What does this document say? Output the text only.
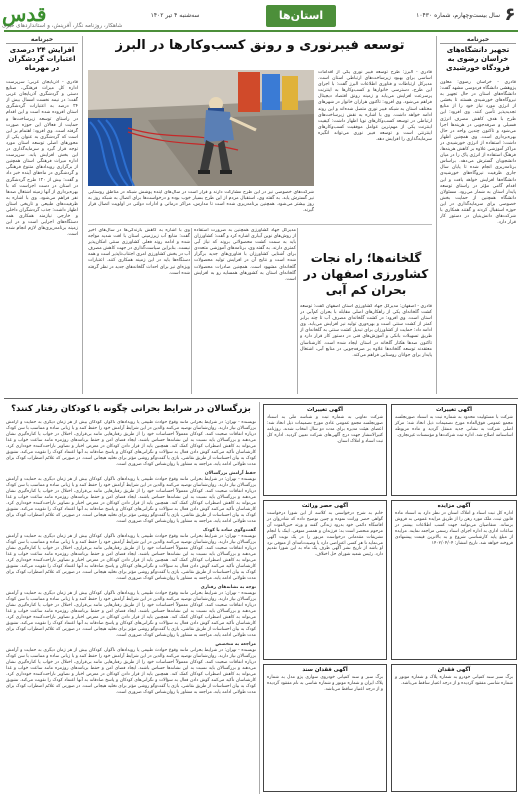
قدس
شاهکار، روزنامه نگار، آفرینش، و استانداردهای خبری
سه‌شنبه ۴ تیر ۱۴۰۲	استان‌ها	سال بیست‌وچهارم، شماره ۱۰۴۳۰ ۶
خبرنامه
افزایش ۲۴ درصدی اعتبارات گردشگران در مهرماه
قادری - آذربایجان غربی: سرپرست اداره کل میراث فرهنگی، صنایع دستی و گردشگری آذربایجان غربی گفت: در نیمه نخست امسال بیش از ۲۴ درصد به اعتبارات گردشگری استان افزوده شده است و این اقدام در راستای توسعه زیرساخت‌ها و حمایت از فعالان این حوزه صورت گرفته است. وی افزود: اهتمام بر این است که گردشگری به عنوان یکی از محورهای اصلی توسعه استان مورد توجه قرار گیرد و سرمایه‌گذاری در این بخش افزایش یابد. سرپرست اداره میراث فرهنگی استان همچنین از برگزاری رویدادهای متنوع فرهنگی و گردشگری در ماه‌های آینده خبر داد و گفت: بیش از ۱۲۰ طرح گردشگری در استان در دست اجراست که با بهره‌برداری از آنها زمینه اشتغال صدها نفر فراهم می‌شود. وی با اشاره به ظرفیت‌های طبیعی و تاریخی استان اظهار داشت: جذب گردشگران داخلی و خارجی نیازمند همکاری همه دستگاه‌های اجرایی است و در این زمینه برنامه‌ریزی‌های لازم انجام شده است.
خبرنامه
تجهیز دانشگاه‌های خراسان رضوی به فرودگاه خورشیدی
قادری - خراسان رضوی: معاون پژوهشی دانشگاه فردوسی مشهد گفت: دانشگاه‌های استان در حال تجهیز به نیروگاه‌های خورشیدی هستند تا بخشی از انرژی مورد نیاز خود را از منابع تجدیدپذیر تأمین کنند. وی افزود: این طرح با هدف کاهش مصرف انرژی فسیلی و صرفه‌جویی در هزینه‌ها اجرا می‌شود و تاکنون چندین واحد در حال بهره‌برداری است. وی همچنین اظهار داشت: استفاده از انرژی خورشیدی در مراکز آموزشی علاوه بر کاهش هزینه‌ها، فرهنگ استفاده از انرژی پاک را در میان دانشجویان گسترش می‌دهد. براساس برنامه‌ریزی انجام شده تا پایان سال جاری ظرفیت نیروگاه‌های خورشیدی دانشگاه‌ها افزایش خواهد یافت و این اقدام گامی مؤثر در راستای توسعه پایدار استان به شمار می‌رود. مسئولان دانشگاه همچنین از حمایت بخش خصوصی برای سرمایه‌گذاری در این حوزه استقبال کردند و گفتند همکاری با شرکت‌های دانش‌بنیان در دستور کار قرار دارد.
توسعه فیبرنوری و رونق کسب‌وکارها در البرز
قادری - البرز: طرح توسعه فیبر نوری یکی از اقدامات اساسی برای بهبود زیرساخت‌های ارتباطی استان است. مدیرکل ارتباطات و فناوری اطلاعات البرز گفت: با اجرای این طرح، دسترسی خانوارها و کسب‌وکارها به اینترنت پرسرعت افزایش می‌یابد و زمینه رونق اقتصاد دیجیتال فراهم می‌شود. وی افزود: تاکنون هزاران خانوار در شهرهای مختلف استان به شبکه فیبر نوری متصل شده‌اند و این روند ادامه خواهد داشت. وی با اشاره به نقش زیرساخت‌های ارتباطی در توسعه کسب‌وکارهای نوپا اظهار داشت: کیفیت اینترنت یکی از مهم‌ترین عوامل موفقیت کسب‌وکارهای اینترنتی است و توسعه فیبر نوری می‌تواند انگیزه سرمایه‌گذاری را افزایش دهد.
شرکت‌های خصوصی نیز در این طرح مشارکت دارند و قرار است در سال‌های آینده پوشش شبکه در مناطق روستایی نیز گسترش یابد. به گفته وی، استقبال مردم از این طرح بسیار خوب بوده و درخواست‌ها برای اتصال به شبکه روز به روز بیشتر می‌شود. همچنین برنامه‌ریزی شده است تا مدارس، مراکز درمانی و ادارات دولتی در اولویت اتصال قرار گیرند.
گلخانه‌ها؛ راه نجات کشاورزی اصفهان در بحران کم آبی
قادری - اصفهان: مدیرکل جهاد کشاورزی استان اصفهان گفت: توسعه کشت گلخانه‌ای یکی از راهکارهای اصلی مقابله با بحران کم‌آبی در استان است. وی افزود: در کشت گلخانه‌ای مصرف آب تا چند برابر کمتر از کشت سنتی است و بهره‌وری تولید نیز افزایش می‌یابد. وی ادامه داد: حمایت از کشاورزان برای تبدیل کشت سنتی به گلخانه‌ای از طریق تسهیلات بانکی و آموزش‌های فنی در دستور کار قرار دارد و تاکنون صدها هکتار گلخانه در استان ایجاد شده است. کارشناسان معتقدند توسعه گلخانه‌ها علاوه بر صرفه‌جویی در منابع آبی، اشتغال پایدار برای جوانان روستایی فراهم می‌کند.
مدیرکل جهاد کشاورزی همچنین به ضرورت استفاده از روش‌های نوین آبیاری اشاره کرد و گفت: کشاورزان باید به سمت کشت محصولاتی بروند که نیاز آبی کمتری دارند. به گفته وی، برنامه‌های آموزشی متعددی برای آشنایی کشاورزان با فناوری‌های جدید برگزار شده است و نتایج آن در افزایش تولید محصولات گلخانه‌ای مشهود است. همچنین صادرات محصولات گلخانه‌ای استان به کشورهای همسایه رو به افزایش است.
وی با اشاره به کاهش بارندگی‌ها در سال‌های اخیر گفت: منابع آب زیرزمینی استان با افت شدید مواجه شده و ادامه روند فعلی کشاورزی سنتی امکان‌پذیر نیست. بنابراین سیاست‌گذاری در جهت کاهش مصرف آب در بخش کشاورزی امری اجتناب‌ناپذیر است و همه دستگاه‌ها باید در این زمینه همکاری کنند. اعتبارات ویژه‌ای نیز برای احداث گلخانه‌های جدید در نظر گرفته شده است.
بزرگسالان در شرایط بحرانی چگونه با کودکان رفتار کنند؟
نویسنده - تهران: در شرایط بحرانی مانند وقوع حوادث طبیعی یا رویدادهای ناگوار، کودکان بیش از هر زمان دیگری به حمایت و آرامش بزرگسالان نیاز دارند. روان‌شناسان توصیه می‌کنند والدین در این شرایط آرامش خود را حفظ کنند و با زبانی ساده و متناسب با سن کودک درباره اتفاقات صحبت کنند. کودکان معمولاً احساسات خود را از طریق رفتارهایی مانند بی‌قراری، اختلال در خواب یا کناره‌گیری نشان می‌دهند و بزرگسالان باید نسبت به این نشانه‌ها حساس باشند. ایجاد فضای امن و حفظ برنامه‌های روزمره مانند ساعت خواب و غذا می‌تواند به کاهش اضطراب کودکان کمک کند. همچنین باید از قرار دادن کودکان در معرض اخبار و تصاویر ناراحت‌کننده خودداری کرد. کارشناسان تأکید می‌کنند گوش دادن فعال به سؤالات و نگرانی‌های کودکان و پاسخ صادقانه به آنها اعتماد کودک را تقویت می‌کند. تشویق کودک به بیان احساسات از طریق نقاشی، بازی یا گفت‌وگو روشی مؤثر برای تخلیه هیجانی است. در صورتی که علائم اضطراب کودک برای مدت طولانی ادامه یابد، مراجعه به مشاور یا روان‌شناس کودک ضروری است.
حفظ آرامش بزرگسالان
نویسنده - تهران: در شرایط بحرانی مانند وقوع حوادث طبیعی یا رویدادهای ناگوار، کودکان بیش از هر زمان دیگری به حمایت و آرامش بزرگسالان نیاز دارند. روان‌شناسان توصیه می‌کنند والدین در این شرایط آرامش خود را حفظ کنند و با زبانی ساده و متناسب با سن کودک درباره اتفاقات صحبت کنند. کودکان معمولاً احساسات خود را از طریق رفتارهایی مانند بی‌قراری، اختلال در خواب یا کناره‌گیری نشان می‌دهند و بزرگسالان باید نسبت به این نشانه‌ها حساس باشند. ایجاد فضای امن و حفظ برنامه‌های روزمره مانند ساعت خواب و غذا می‌تواند به کاهش اضطراب کودکان کمک کند. همچنین باید از قرار دادن کودکان در معرض اخبار و تصاویر ناراحت‌کننده خودداری کرد. کارشناسان تأکید می‌کنند گوش دادن فعال به سؤالات و نگرانی‌های کودکان و پاسخ صادقانه به آنها اعتماد کودک را تقویت می‌کند. تشویق کودک به بیان احساسات از طریق نقاشی، بازی یا گفت‌وگو روشی مؤثر برای تخلیه هیجانی است. در صورتی که علائم اضطراب کودک برای مدت طولانی ادامه یابد، مراجعه به مشاور یا روان‌شناس کودک ضروری است.
گفت‌وگوی ساده با کودک
نویسنده - تهران: در شرایط بحرانی مانند وقوع حوادث طبیعی یا رویدادهای ناگوار، کودکان بیش از هر زمان دیگری به حمایت و آرامش بزرگسالان نیاز دارند. روان‌شناسان توصیه می‌کنند والدین در این شرایط آرامش خود را حفظ کنند و با زبانی ساده و متناسب با سن کودک درباره اتفاقات صحبت کنند. کودکان معمولاً احساسات خود را از طریق رفتارهایی مانند بی‌قراری، اختلال در خواب یا کناره‌گیری نشان می‌دهند و بزرگسالان باید نسبت به این نشانه‌ها حساس باشند. ایجاد فضای امن و حفظ برنامه‌های روزمره مانند ساعت خواب و غذا می‌تواند به کاهش اضطراب کودکان کمک کند. همچنین باید از قرار دادن کودکان در معرض اخبار و تصاویر ناراحت‌کننده خودداری کرد. کارشناسان تأکید می‌کنند گوش دادن فعال به سؤالات و نگرانی‌های کودکان و پاسخ صادقانه به آنها اعتماد کودک را تقویت می‌کند. تشویق کودک به بیان احساسات از طریق نقاشی، بازی یا گفت‌وگو روشی مؤثر برای تخلیه هیجانی است. در صورتی که علائم اضطراب کودک برای مدت طولانی ادامه یابد، مراجعه به مشاور یا روان‌شناس کودک ضروری است.
توجه به نشانه‌های رفتاری
نویسنده - تهران: در شرایط بحرانی مانند وقوع حوادث طبیعی یا رویدادهای ناگوار، کودکان بیش از هر زمان دیگری به حمایت و آرامش بزرگسالان نیاز دارند. روان‌شناسان توصیه می‌کنند والدین در این شرایط آرامش خود را حفظ کنند و با زبانی ساده و متناسب با سن کودک درباره اتفاقات صحبت کنند. کودکان معمولاً احساسات خود را از طریق رفتارهایی مانند بی‌قراری، اختلال در خواب یا کناره‌گیری نشان می‌دهند و بزرگسالان باید نسبت به این نشانه‌ها حساس باشند. ایجاد فضای امن و حفظ برنامه‌های روزمره مانند ساعت خواب و غذا می‌تواند به کاهش اضطراب کودکان کمک کند. همچنین باید از قرار دادن کودکان در معرض اخبار و تصاویر ناراحت‌کننده خودداری کرد. کارشناسان تأکید می‌کنند گوش دادن فعال به سؤالات و نگرانی‌های کودکان و پاسخ صادقانه به آنها اعتماد کودک را تقویت می‌کند. تشویق کودک به بیان احساسات از طریق نقاشی، بازی یا گفت‌وگو روشی مؤثر برای تخلیه هیجانی است. در صورتی که علائم اضطراب کودک برای مدت طولانی ادامه یابد، مراجعه به مشاور یا روان‌شناس کودک ضروری است.
مراجعه به متخصص
نویسنده - تهران: در شرایط بحرانی مانند وقوع حوادث طبیعی یا رویدادهای ناگوار، کودکان بیش از هر زمان دیگری به حمایت و آرامش بزرگسالان نیاز دارند. روان‌شناسان توصیه می‌کنند والدین در این شرایط آرامش خود را حفظ کنند و با زبانی ساده و متناسب با سن کودک درباره اتفاقات صحبت کنند. کودکان معمولاً احساسات خود را از طریق رفتارهایی مانند بی‌قراری، اختلال در خواب یا کناره‌گیری نشان می‌دهند و بزرگسالان باید نسبت به این نشانه‌ها حساس باشند. ایجاد فضای امن و حفظ برنامه‌های روزمره مانند ساعت خواب و غذا می‌تواند به کاهش اضطراب کودکان کمک کند. همچنین باید از قرار دادن کودکان در معرض اخبار و تصاویر ناراحت‌کننده خودداری کرد. کارشناسان تأکید می‌کنند گوش دادن فعال به سؤالات و نگرانی‌های کودکان و پاسخ صادقانه به آنها اعتماد کودک را تقویت می‌کند. تشویق کودک به بیان احساسات از طریق نقاشی، بازی یا گفت‌وگو روشی مؤثر برای تخلیه هیجانی است. در صورتی که علائم اضطراب کودک برای مدت طولانی ادامه یابد، مراجعه به مشاور یا روان‌شناس کودک ضروری است.
آگهی تغییرات
شرکت تعاونی به شماره ثبت و شناسه ملی به استناد صورتجلسه مجمع عمومی عادی مورخ تصمیمات ذیل اتخاذ شد: اعضای هیئت مدیره برای مدت دو سال انتخاب شدند. روزنامه کثیرالانتشار جهت درج آگهی‌های شرکت تعیین گردید. اداره کل ثبت اسناد و املاک استان.
آگهی تغییرات
شرکت با مسئولیت محدود به شماره ثبت به استناد صورتجلسه مجمع عمومی فوق‌العاده مورخ تصمیمات ذیل اتخاذ شد: مرکز اصلی شرکت به نشانی جدید منتقل گردید و ماده مربوطه اساسنامه اصلاح شد. اداره ثبت شرکت‌ها و مؤسسات غیرتجاری.
آگهی حصر وراثت
خانم به شرح درخواستی به کلاسه از این شورا درخواست گواهی حصر وراثت نموده و چنین توضیح داده که شادروان در اقامتگاه دائمی خود بدرود زندگی گفته و ورثه حین‌الفوت آن مرحوم منحصر است به: فرزندان و همسر متوفی. اینک با انجام تشریفات مقدماتی درخواست مزبور را در یک نوبت آگهی می‌نماید تا هر کسی اعتراضی دارد یا وصیت‌نامه‌ای از متوفی نزد او باشد از تاریخ نشر آگهی ظرف یک ماه به این شورا تقدیم دارد. رئیس شعبه شورای حل اختلاف.
آگهی مزایده
اداره کل ثبت اسناد و املاک استان در نظر دارد به استناد ماده قانون ثبت، ملک مورد رهن را از طریق مزایده عمومی به فروش برساند. متقاضیان می‌توانند جهت کسب اطلاعات بیشتر در ساعات اداری به اداره اجرای اسناد رسمی مراجعه نمایند. مزایده از مبلغ پایه کارشناسی شروع و به بالاترین قیمت پیشنهادی فروخته خواهد شد. تاریخ انتشار: ۱۴۰۲/۰۴/۰۴
آگهی فقدان سند
برگ سبز و سند کمپانی خودروی سواری پژو مدل به شماره پلاک ایران و شماره موتور و شماره شاسی به نام مفقود گردیده و از درجه اعتبار ساقط می‌باشد.
آگهی فقدان
برگ سبز سند کمپانی خودرو به شماره پلاک و شماره موتور و شماره شاسی مفقود گردیده و از درجه اعتبار ساقط می‌باشد.
